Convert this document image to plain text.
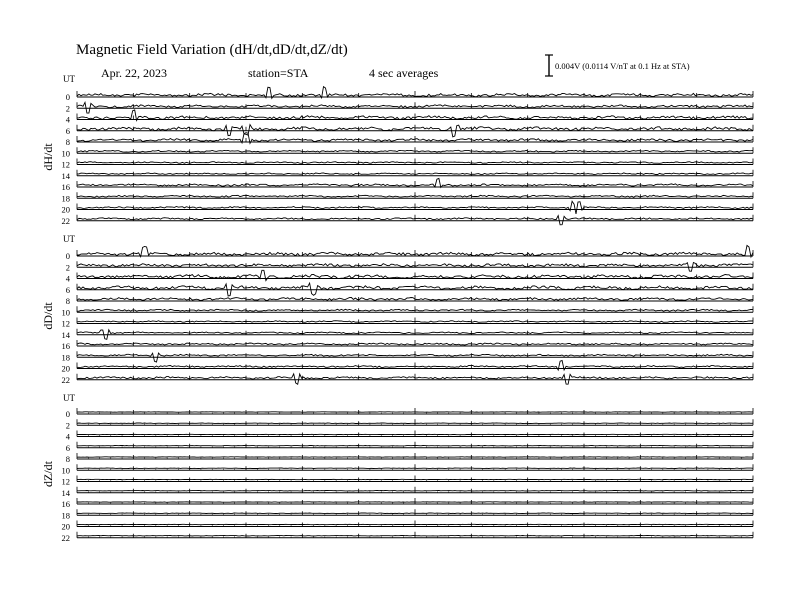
Magnetic Field Variation (dH/dt,dD/dt,dZ/dt)
Apr. 22, 2023	station=STA	4 sec averages	0.004V (0.0114 V/nT at 0.1 Hz at STA)
UT
dH/dt
0
2
4
6
8
10
12
14
16
18
20
22
UT
dD/dt
0
2
4
6
8
10
12
14
16
18
20
22
UT
dZ/dt
0
2
4
6
8
10
12
14
16
18
20
22
